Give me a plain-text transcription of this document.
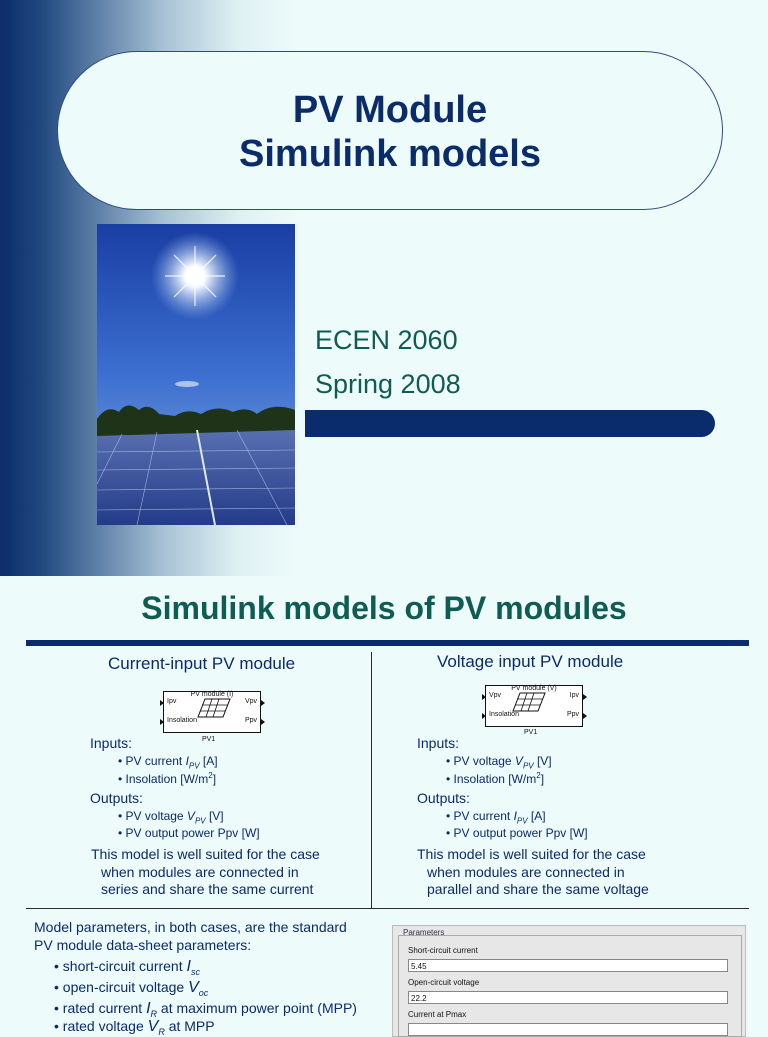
PV Module
Simulink models
ECEN 2060
Spring 2008
Simulink models of PV modules
Current-input PV module
PV module (I)
Ipv
Insolation
Vpv
Ppv
PV1
Inputs:
• PV current $I_{PV}$ [A]
• Insolation $[W/m^2]$
Outputs:
• PV voltage $V_{PV}$ [V]
• PV output power Ppv [W]
This model is well suited for the case
when modules are connected in
series and share the same current
Voltage input PV module
PV module (V)
Vpv
Insolation
Ipv
Ppv
PV1
Inputs:
• PV voltage $V_{PV}$ [V]
• Insolation $[W/m^2]$
Outputs:
• PV current $I_{PV}$ [A]
• PV output power Ppv [W]
This model is well suited for the case
when modules are connected in
parallel and share the same voltage
Model parameters, in both cases, are the standard
PV module data-sheet parameters:
• short-circuit current $I_{sc}$
• open-circuit voltage $V_{oc}$
• rated current $I_R$ at maximum power point (MPP)
• rated voltage $V_R$ at MPP
Parameters
Short-circuit current
5.45
Open-circuit voltage
22.2
Current at Pmax
